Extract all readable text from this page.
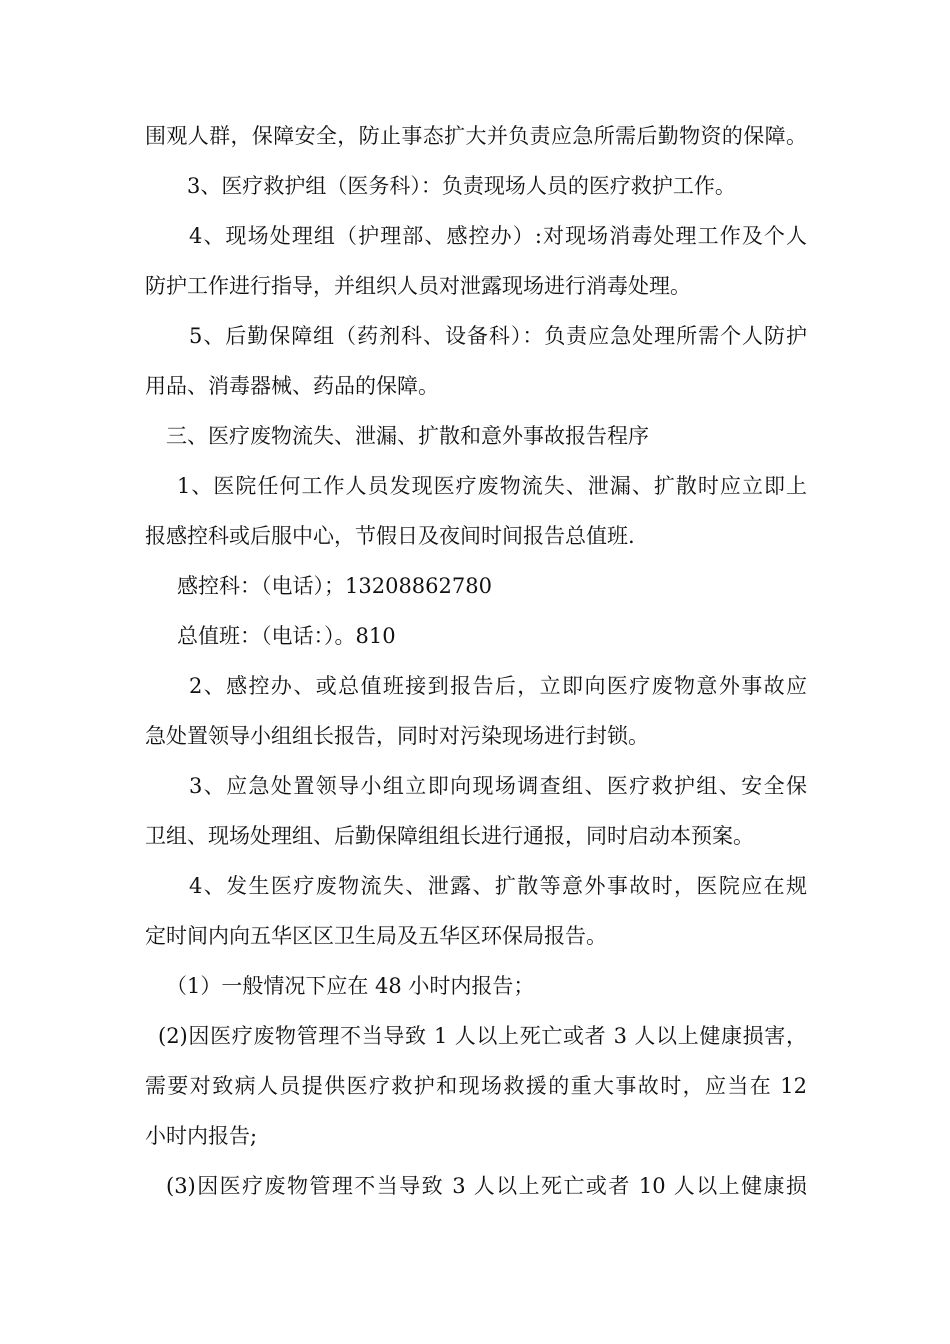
围观人群，保障安全，防止事态扩大并负责应急所需后勤物资的保障。
3、医疗救护组（医务科）：负责现场人员的医疗救护工作。
4、现场处理组（护理部、感控办）:对现场消毒处理工作及个人
防护工作进行指导，并组织人员对泄露现场进行消毒处理。
5、后勤保障组（药剂科、设备科）：负责应急处理所需个人防护
用品、消毒器械、药品的保障。
三、医疗废物流失、泄漏、扩散和意外事故报告程序
1、医院任何工作人员发现医疗废物流失、泄漏、扩散时应立即上
报感控科或后服中心，节假日及夜间时间报告总值班.
感控科：（电话）；13208862780
总值班：（电话：）。810
2、感控办、或总值班接到报告后，立即向医疗废物意外事故应
急处置领导小组组长报告，同时对污染现场进行封锁。
3、应急处置领导小组立即向现场调查组、医疗救护组、安全保
卫组、现场处理组、后勤保障组组长进行通报，同时启动本预案。
4、发生医疗废物流失、泄露、扩散等意外事故时，医院应在规
定时间内向五华区区卫生局及五华区环保局报告。
（1）一般情况下应在 48 小时内报告；
(2)因医疗废物管理不当导致 1 人以上死亡或者 3 人以上健康损害，
需要对致病人员提供医疗救护和现场救援的重大事故时，应当在 12
小时内报告;
(3)因医疗废物管理不当导致 3 人以上死亡或者 10 人以上健康损
